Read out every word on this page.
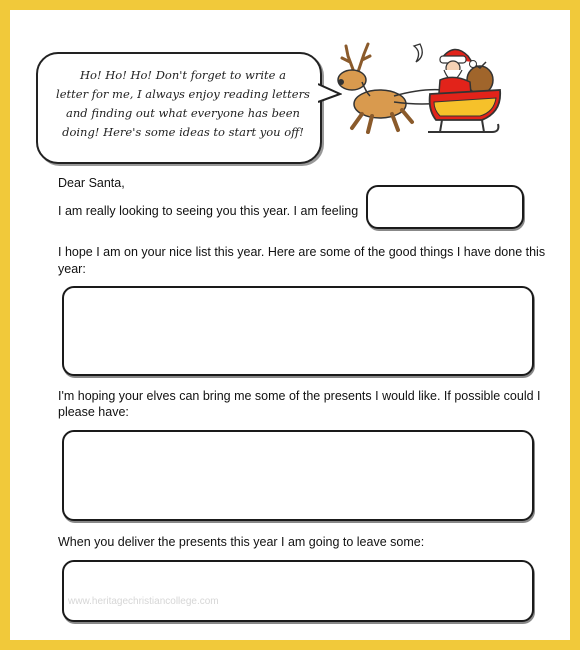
Ho! Ho! Ho! Don't forget to write a
letter for me, I always enjoy reading letters
and finding out what everyone has been
doing! Here's some ideas to start you off!
Dear Santa,
I am really looking to seeing you this year. I am feeling
I hope I am on your nice list this year. Here are some of the good things I have done this
year:
I'm hoping your elves can bring me some of the presents I would like. If possible could I
please have:
When you deliver the presents this year I am going to leave some:
www.heritagechristiancollege.com
